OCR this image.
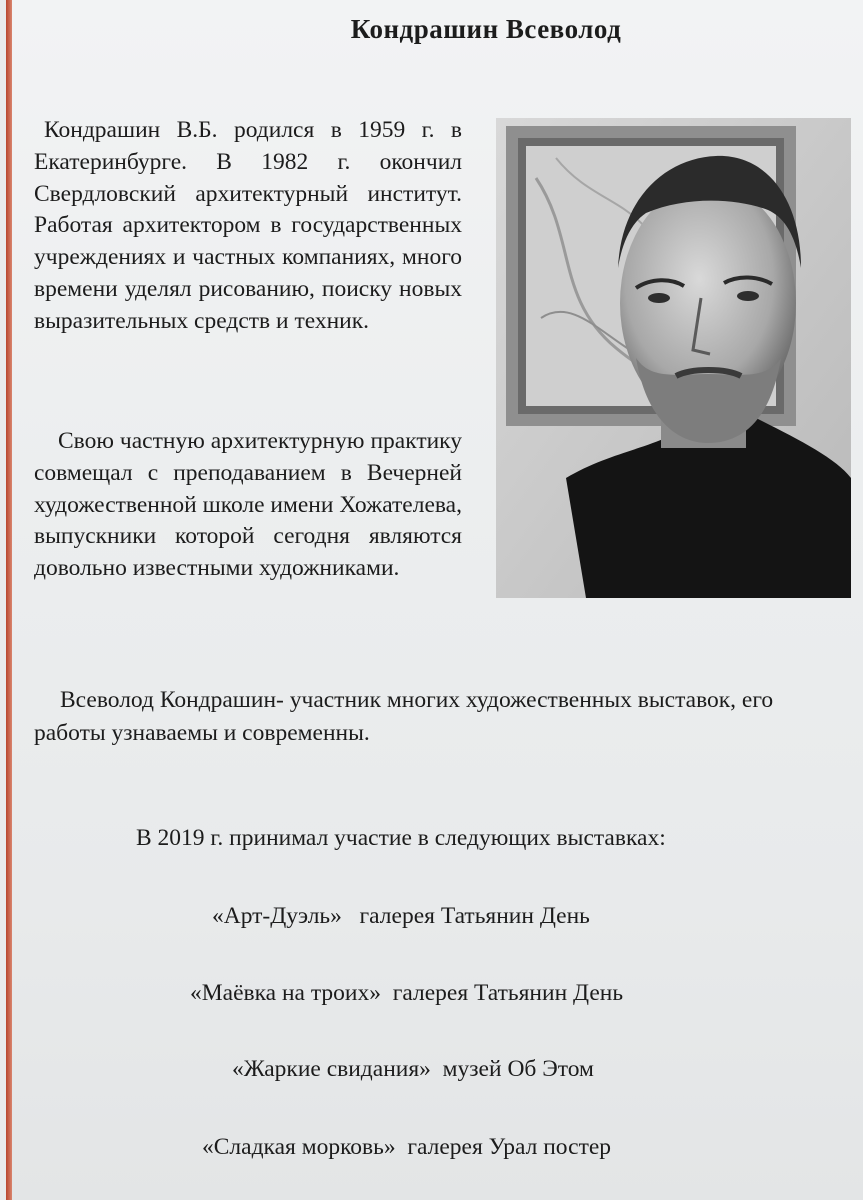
Кондрашин Всеволод
Кондрашин В.Б. родился в 1959 г. в Екатеринбурге. В 1982 г. окончил Свердловский архитектурный институт. Работая архитектором в государственных учреждениях и частных компаниях, много времени уделял рисованию, поиску новых выразительных средств и техник.
Свою частную архитектурную практику совмещал с преподаванием в Вечерней художественной школе имени Хожателева, выпускники которой сегодня являются довольно известными художниками.
Всеволод Кондрашин- участник многих художественных выставок, его работы узнаваемы и современны.
В 2019 г. принимал участие в следующих выставках:
«Арт-Дуэль» галерея Татьянин День
«Маёвка на троих» галерея Татьянин День
«Жаркие свидания» музей Об Этом
«Сладкая морковь» галерея Урал постер
